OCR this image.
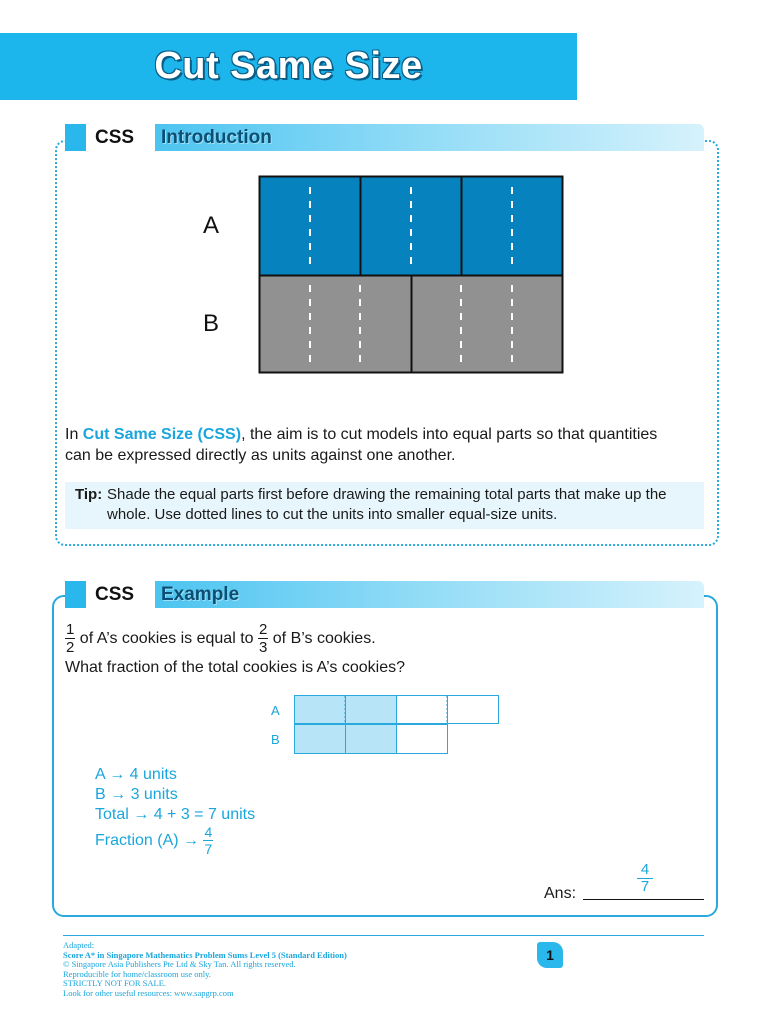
Cut Same Size
CSS Introduction
A
B
In Cut Same Size (CSS), the aim is to cut models into equal parts so that quantities
can be expressed directly as units against one another.
Tip: Shade the equal parts first before drawing the remaining total parts that make up the
whole. Use dotted lines to cut the units into smaller equal-size units.
CSS Example
$\frac{1}{2}$ of A’s cookies is equal to $\frac{2}{3}$ of B’s cookies.
What fraction of the total cookies is A’s cookies?
A
B
A → 4 units
B → 3 units
Total → 4 + 3 = 7 units
Fraction $(A) \to \frac{4}{7}$
Ans:	$\frac{4}{7}$
Adapted:
Score A* in Singapore Mathematics Problem Sums Level 5 (Standard Edition)
© Singapore Asia Publishers Pte Ltd & Sky Tan. All rights reserved.
Reproducible for home/classroom use only.
STRICTLY NOT FOR SALE.
Look for other useful resources: www.sapgrp.com
1
